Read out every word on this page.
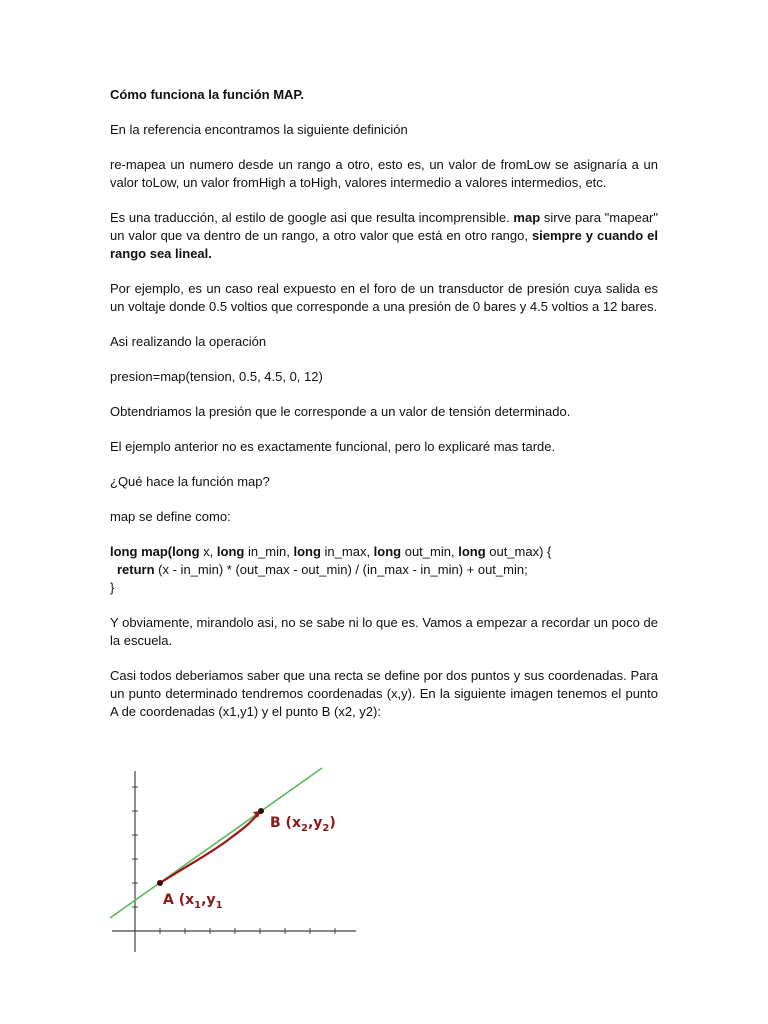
Cómo funciona la función MAP.

En la referencia encontramos la siguiente definición

re-mapea un numero desde un rango a otro, esto es, un valor de fromLow se asignaría a un valor toLow, un valor fromHigh a toHigh, valores intermedio a valores intermedios, etc.

Es una traducción, al estilo de google asi que resulta incomprensible. map sirve para "mapear" un valor que va dentro de un rango, a otro valor que está en otro rango, siempre y cuando el rango sea lineal.

Por ejemplo, es un caso real expuesto en el foro de un transductor de presión cuya salida es un voltaje donde 0.5 voltios que corresponde a una presión de 0 bares y 4.5 voltios a 12 bares.

Asi realizando la operación

presion=map(tension, 0.5, 4.5, 0, 12)

Obtendriamos la presión que le corresponde a un valor de tensión determinado.

El ejemplo anterior no es exactamente funcional, pero lo explicaré mas tarde.

¿Qué hace la función map?

map se define como:

long map(long x, long in_min, long in_max, long out_min, long out_max) {

return (x - in_min) * (out_max - out_min) / (in_max - in_min) + out_min;

}

Y obviamente, mirandolo asi, no se sabe ni lo que es. Vamos a empezar a recordar un poco de la escuela.

Casi todos deberiamos saber que una recta se define por dos puntos y sus coordenadas. Para un punto determinado tendremos coordenadas (x,y). En la siguiente imagen tenemos el punto A de coordenadas (x1,y1) y el punto B (x2, y2):

A ($x_1,y_1$
B $(x_2,y_2)$
